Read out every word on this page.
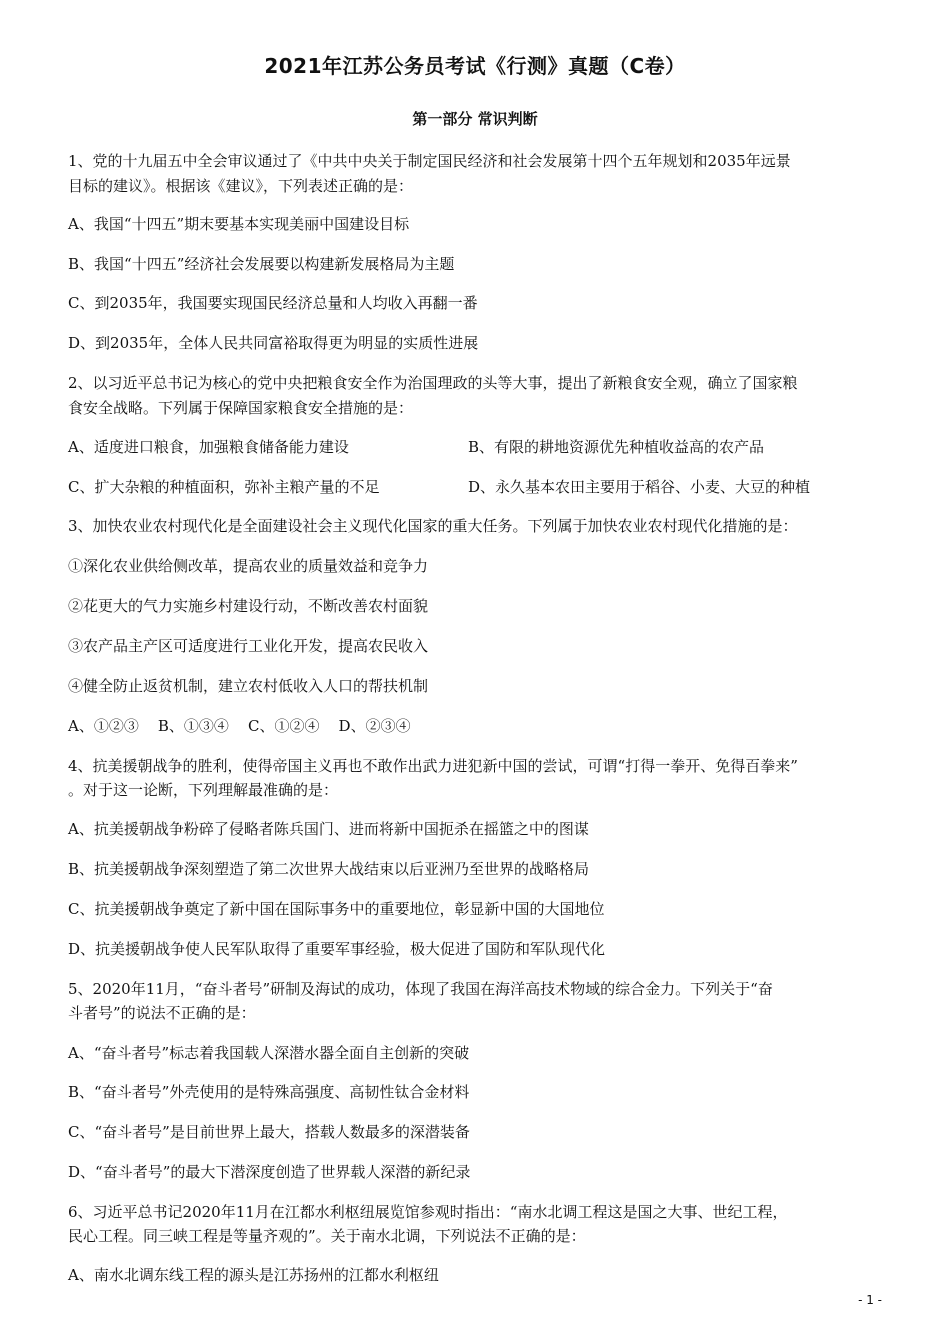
2021年江苏公务员考试《行测》真题（C卷）
第一部分 常识判断
1、党的十九届五中全会审议通过了《中共中央关于制定国民经济和社会发展第十四个五年规划和2035年远景
目标的建议》。根据该《建议》，下列表述正确的是：
A、我国“十四五”期末要基本实现美丽中国建设目标
B、我国“十四五”经济社会发展要以构建新发展格局为主题
C、到2035年，我国要实现国民经济总量和人均收入再翻一番
D、到2035年，全体人民共同富裕取得更为明显的实质性进展
2、以习近平总书记为核心的党中央把粮食安全作为治国理政的头等大事，提出了新粮食安全观，确立了国家粮
食安全战略。下列属于保障国家粮食安全措施的是：
A、适度进口粮食，加强粮食储备能力建设	B、有限的耕地资源优先种植收益高的农产品
C、扩大杂粮的种植面积，弥补主粮产量的不足	D、永久基本农田主要用于稻谷、小麦、大豆的种植
3、加快农业农村现代化是全面建设社会主义现代化国家的重大任务。下列属于加快农业农村现代化措施的是：
①深化农业供给侧改革，提高农业的质量效益和竞争力
②花更大的气力实施乡村建设行动，不断改善农村面貌
③农产品主产区可适度进行工业化开发，提高农民收入
④健全防止返贫机制，建立农村低收入人口的帮扶机制
A、①②③    B、①③④    C、①②④    D、②③④
4、抗美援朝战争的胜利，使得帝国主义再也不敢作出武力进犯新中国的尝试，可谓“打得一拳开、免得百拳来”
。对于这一论断，下列理解最准确的是：
A、抗美援朝战争粉碎了侵略者陈兵国门、进而将新中国扼杀在摇篮之中的图谋
B、抗美援朝战争深刻塑造了第二次世界大战结束以后亚洲乃至世界的战略格局
C、抗美援朝战争奠定了新中国在国际事务中的重要地位，彰显新中国的大国地位
D、抗美援朝战争使人民军队取得了重要军事经验，极大促进了国防和军队现代化
5、2020年11月，“奋斗者号”研制及海试的成功，体现了我国在海洋高技术物域的综合金力。下列关于“奋
斗者号”的说法不正确的是：
A、“奋斗者号”标志着我国载人深潜水器全面自主创新的突破
B、“奋斗者号”外壳使用的是特殊高强度、高韧性钛合金材料
C、“奋斗者号”是目前世界上最大，搭载人数最多的深潜装备
D、“奋斗者号”的最大下潜深度创造了世界载人深潜的新纪录
6、习近平总书记2020年11月在江都水利枢纽展览馆参观时指出：“南水北调工程这是国之大事、世纪工程，
民心工程。同三峡工程是等量齐观的”。关于南水北调，下列说法不正确的是：
A、南水北调东线工程的源头是江苏扬州的江都水利枢纽
- 1 -
